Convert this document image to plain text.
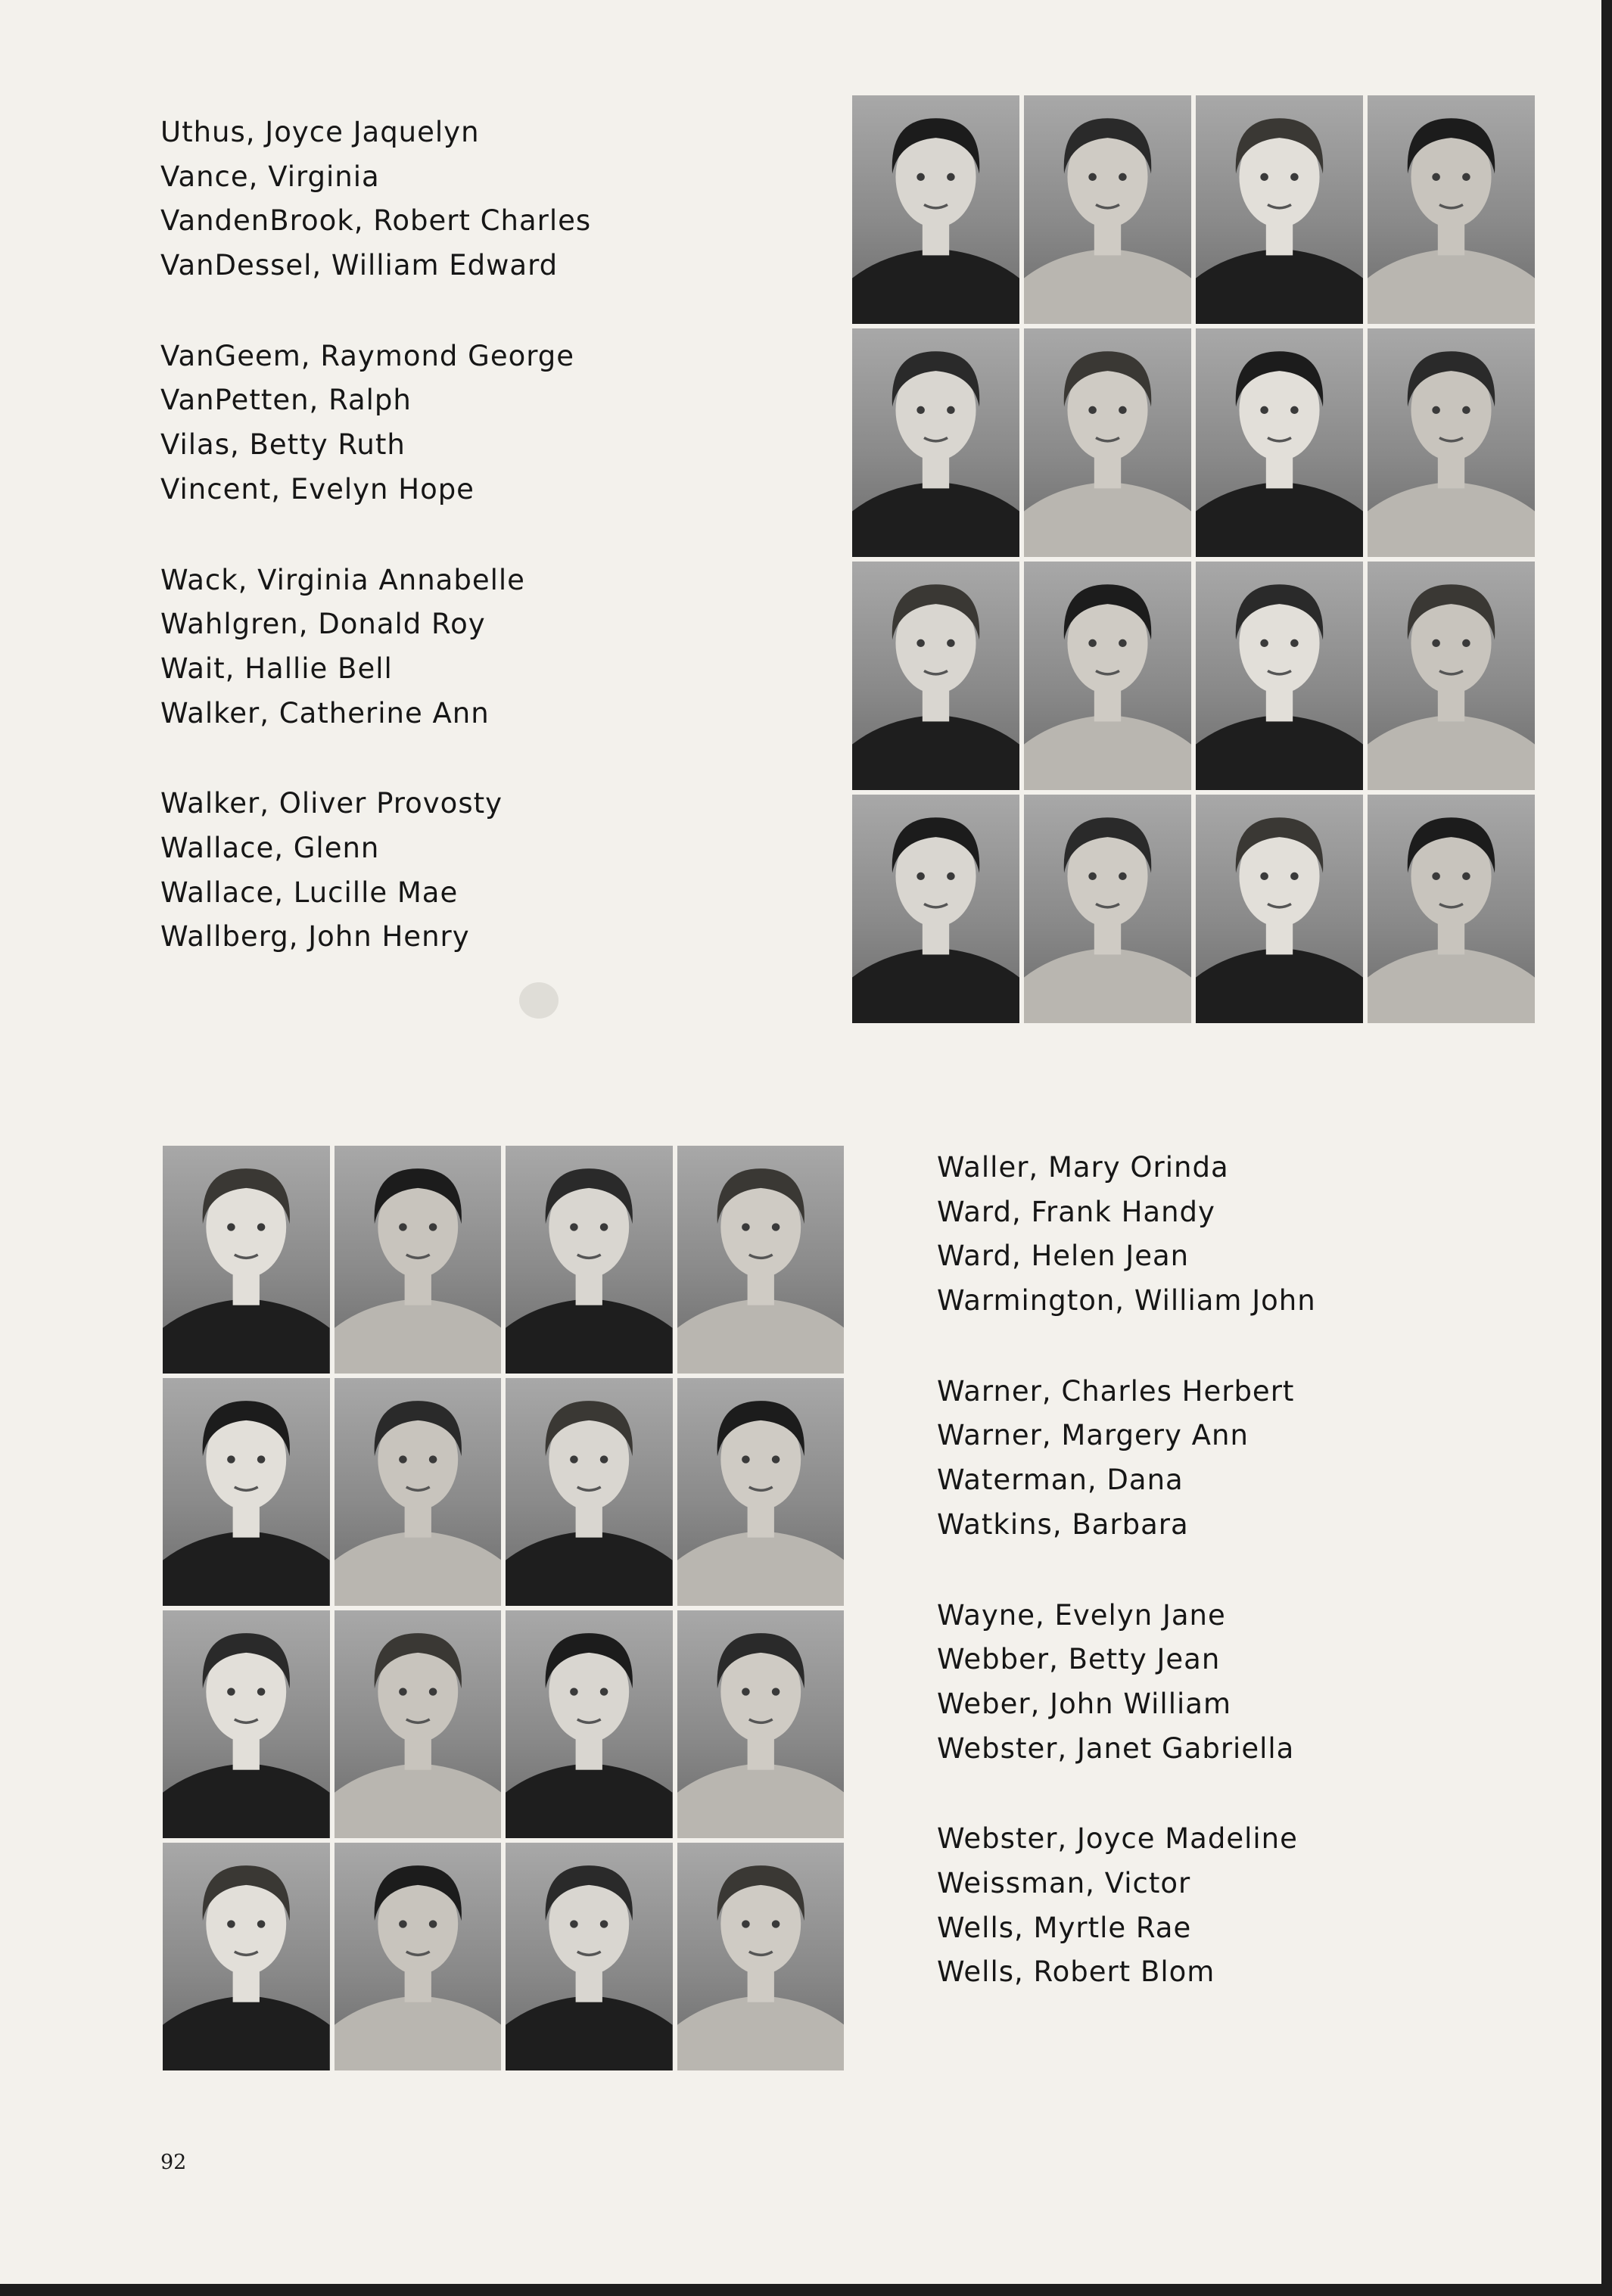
Uthus, Joyce Jaquelyn
Vance, Virginia
VandenBrook, Robert Charles
VanDessel, William Edward
VanGeem, Raymond George
VanPetten, Ralph
Vilas, Betty Ruth
Vincent, Evelyn Hope
Wack, Virginia Annabelle
Wahlgren, Donald Roy
Wait, Hallie Bell
Walker, Catherine Ann
Walker, Oliver Provosty
Wallace, Glenn
Wallace, Lucille Mae
Wallberg, John Henry
Waller, Mary Orinda
Ward, Frank Handy
Ward, Helen Jean
Warmington, William John
Warner, Charles Herbert
Warner, Margery Ann
Waterman, Dana
Watkins, Barbara
Wayne, Evelyn Jane
Webber, Betty Jean
Weber, John William
Webster, Janet Gabriella
Webster, Joyce Madeline
Weissman, Victor
Wells, Myrtle Rae
Wells, Robert Blom
92
